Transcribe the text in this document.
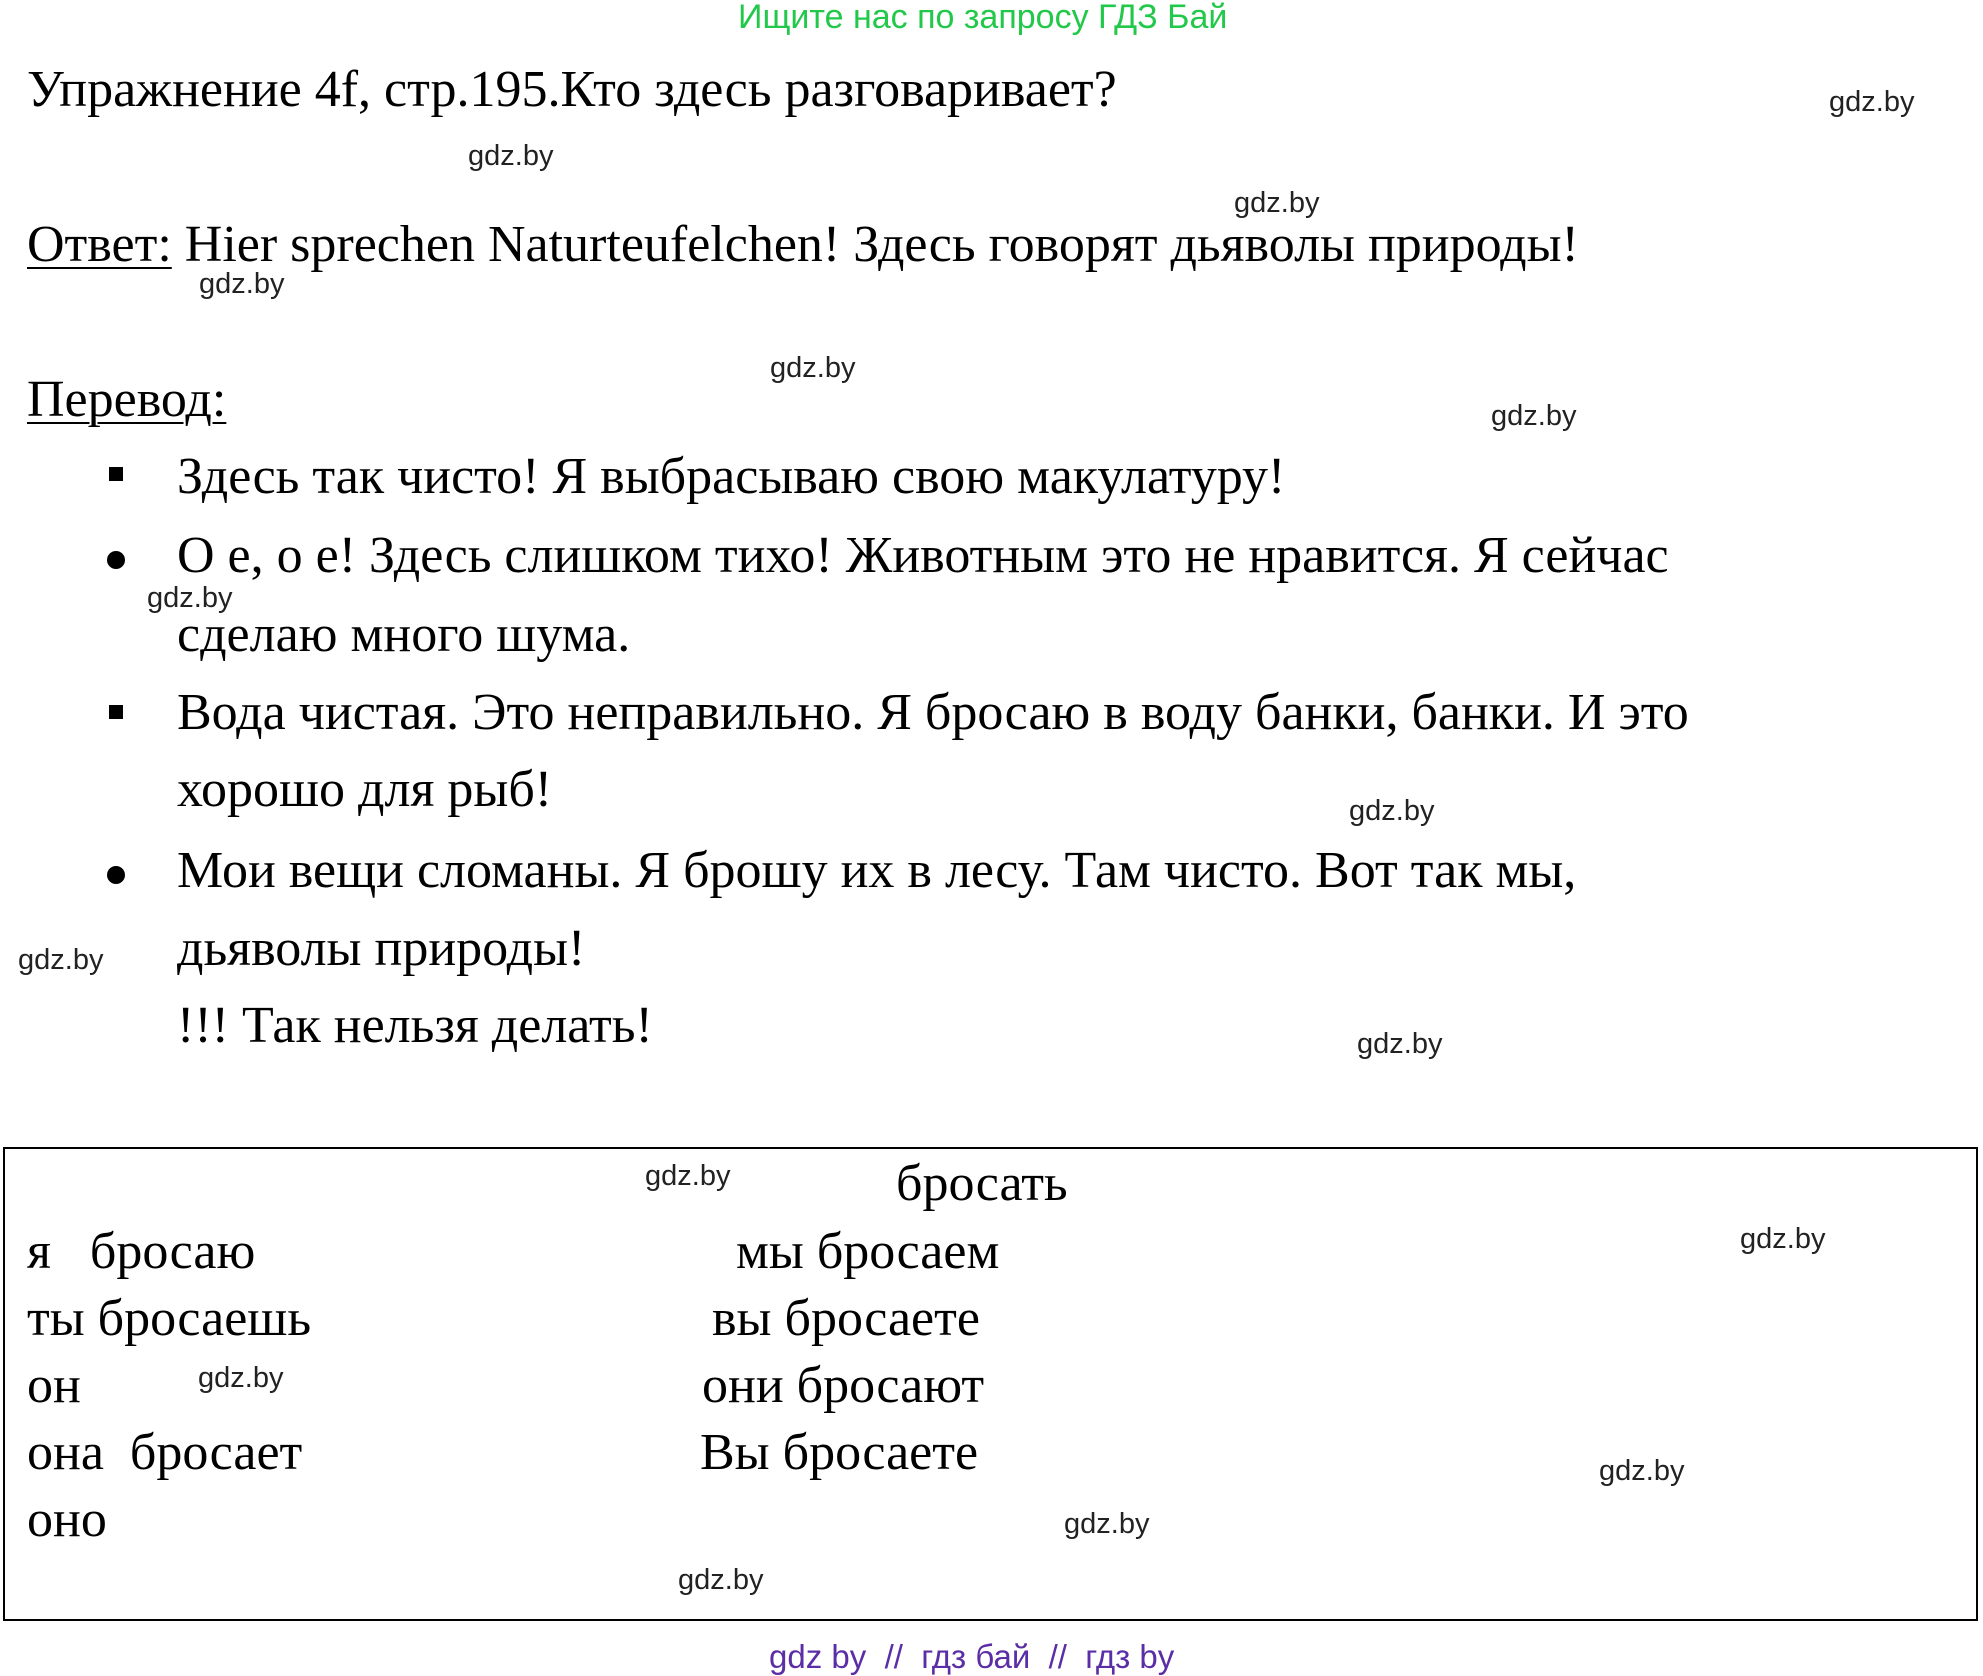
Ищите нас по запросу ГДЗ Бай
Упражнение 4f, стр.195.Кто здесь разговаривает?
Ответ: Hier sprechen Naturteufelchen! Здесь говорят дьяволы природы!
Перевод:
Здесь так чисто! Я выбрасываю свою макулатуру!
О е, о е! Здесь слишком тихо! Животным это не нравится. Я сейчас
сделаю много шума.
Вода чистая. Это неправильно. Я бросаю в воду банки, банки. И это
хорошо для рыб!
Мои вещи сломаны. Я брошу их в лесу. Там чисто. Вот так мы,
дьяволы природы!
!!! Так нельзя делать!
бросать
я   бросаю
ты бросаешь
он
она  бросает
оно
мы бросаем
вы бросаете
они бросают
Вы бросаете
gdz.by
gdz.by
gdz.by
gdz.by
gdz.by
gdz.by
gdz.by
gdz.by
gdz.by
gdz.by
gdz.by
gdz.by
gdz.by
gdz.by
gdz.by
gdz.by
gdz by  //  гдз бай  //  гдз by
